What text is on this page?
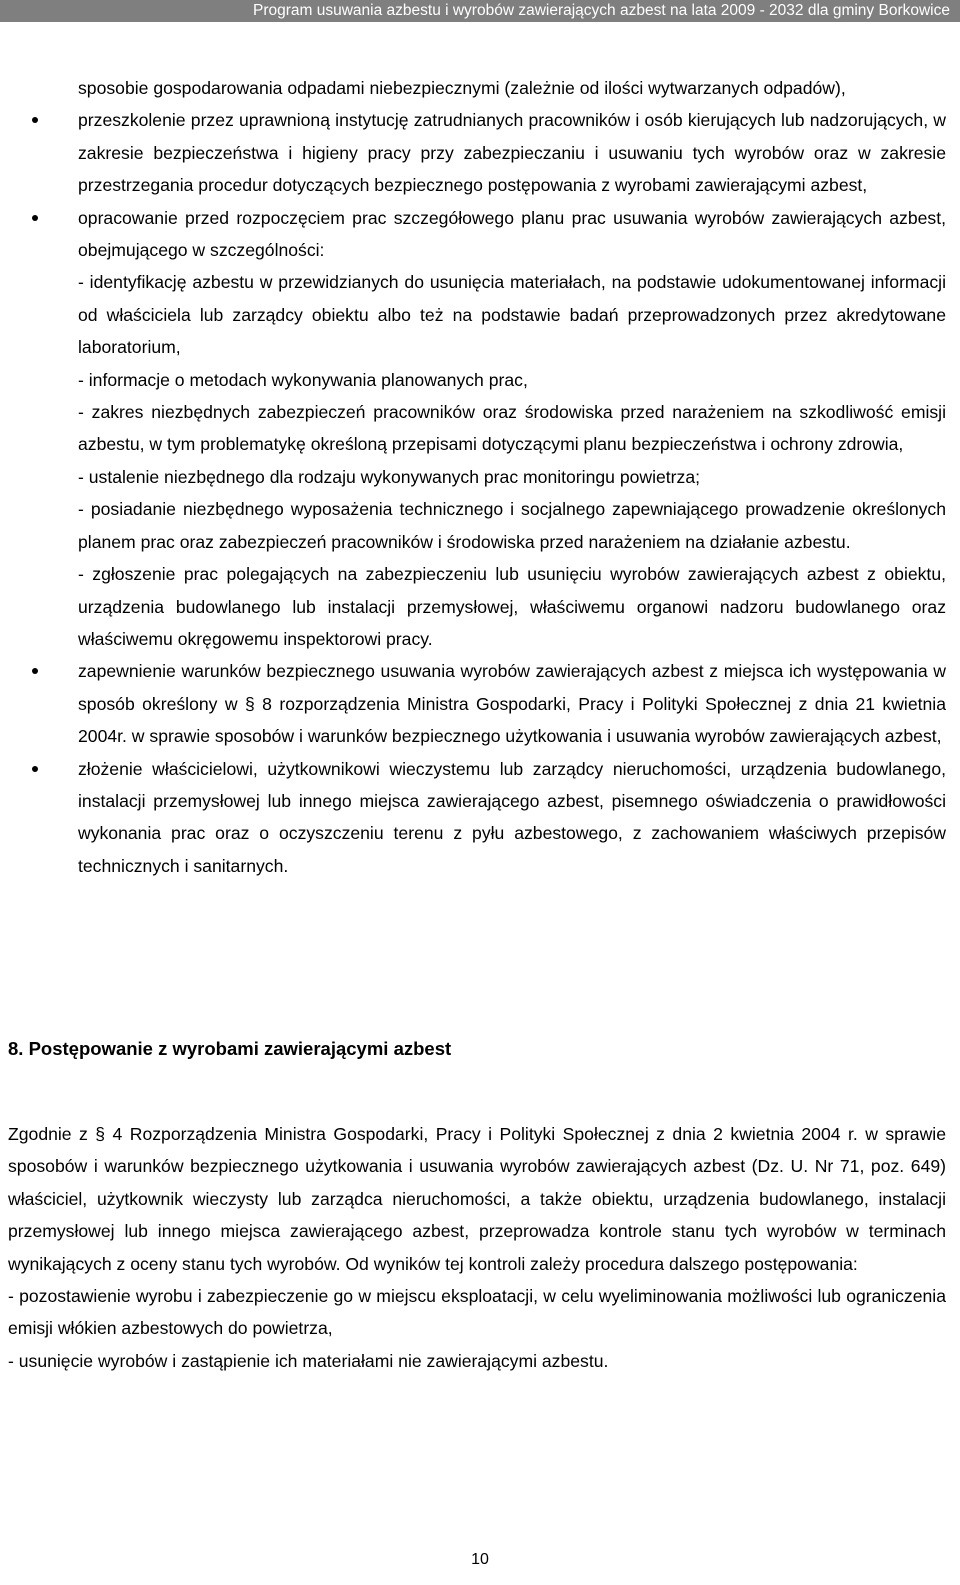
Program usuwania azbestu i wyrobów zawierających azbest na lata 2009 - 2032 dla gminy Borkowice
sposobie gospodarowania odpadami niebezpiecznymi (zależnie od ilości wytwarzanych odpadów),
przeszkolenie przez uprawnioną instytucję zatrudnianych pracowników i osób kierujących lub nadzorujących, w zakresie bezpieczeństwa i higieny pracy przy zabezpieczaniu i usuwaniu tych wyrobów oraz w zakresie przestrzegania procedur dotyczących bezpiecznego postępowania z wyrobami zawierającymi azbest,
opracowanie przed rozpoczęciem prac szczegółowego planu prac usuwania wyrobów zawierających azbest, obejmującego w szczególności:
- identyfikację azbestu w przewidzianych do usunięcia materiałach, na podstawie udokumentowanej informacji od właściciela lub zarządcy obiektu albo też na podstawie badań przeprowadzonych przez akredytowane laboratorium,
- informacje o metodach wykonywania planowanych prac,
- zakres niezbędnych zabezpieczeń pracowników oraz środowiska przed narażeniem na szkodliwość emisji azbestu, w tym problematykę określoną przepisami dotyczącymi planu bezpieczeństwa i ochrony zdrowia,
- ustalenie niezbędnego dla rodzaju wykonywanych prac monitoringu powietrza;
- posiadanie niezbędnego wyposażenia technicznego i socjalnego zapewniającego prowadzenie określonych planem prac oraz zabezpieczeń pracowników i środowiska przed narażeniem na działanie azbestu.
- zgłoszenie prac polegających na zabezpieczeniu lub usunięciu wyrobów zawierających azbest z obiektu, urządzenia budowlanego lub instalacji przemysłowej, właściwemu organowi nadzoru budowlanego oraz właściwemu okręgowemu inspektorowi pracy.
zapewnienie warunków bezpiecznego usuwania wyrobów zawierających azbest z miejsca ich występowania w sposób określony w § 8 rozporządzenia Ministra Gospodarki, Pracy i Polityki Społecznej z dnia 21 kwietnia 2004r. w sprawie sposobów i warunków bezpiecznego użytkowania i usuwania wyrobów zawierających azbest,
złożenie właścicielowi, użytkownikowi wieczystemu lub zarządcy nieruchomości, urządzenia budowlanego, instalacji przemysłowej lub innego miejsca zawierającego azbest, pisemnego oświadczenia o prawidłowości wykonania prac oraz o oczyszczeniu terenu z pyłu azbestowego, z zachowaniem właściwych przepisów technicznych i sanitarnych.
8. Postępowanie z wyrobami zawierającymi azbest
Zgodnie z § 4 Rozporządzenia Ministra Gospodarki, Pracy i Polityki Społecznej z dnia 2 kwietnia 2004 r. w sprawie sposobów i warunków bezpiecznego użytkowania i usuwania wyrobów zawierających azbest (Dz. U. Nr 71, poz. 649) właściciel, użytkownik wieczysty lub zarządca nieruchomości, a także obiektu, urządzenia budowlanego, instalacji przemysłowej lub innego miejsca zawierającego azbest, przeprowadza kontrole stanu tych wyrobów w terminach wynikających z oceny stanu tych wyrobów. Od wyników tej kontroli zależy procedura dalszego postępowania:
- pozostawienie wyrobu i zabezpieczenie go w miejscu eksploatacji, w celu wyeliminowania możliwości lub ograniczenia emisji włókien azbestowych do powietrza,
- usunięcie wyrobów i zastąpienie ich materiałami nie zawierającymi azbestu.
10
